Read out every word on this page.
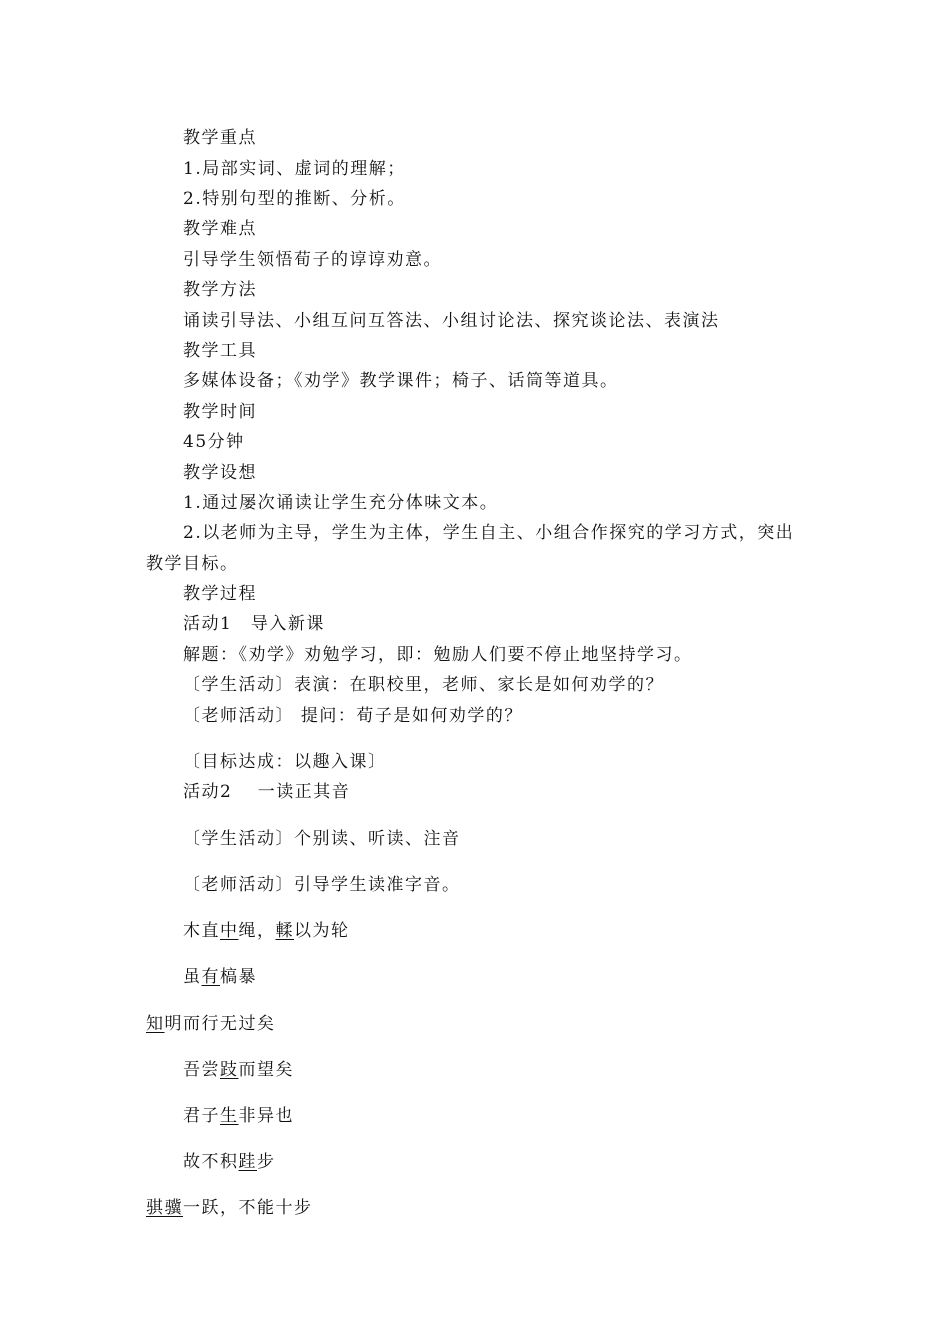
教学重点

1.局部实词、虚词的理解；

2.特别句型的推断、分析。

教学难点

引导学生领悟荀子的谆谆劝意。

教学方法

诵读引导法、小组互问互答法、小组讨论法、探究谈论法、表演法

教学工具

多媒体设备；《劝学》教学课件；椅子、话筒等道具。

教学时间

45分钟

教学设想

1.通过屡次诵读让学生充分体味文本。

2.以老师为主导，学生为主体，学生自主、小组合作探究的学习方式，突出教学目标。

教学过程

活动1　导入新课

解题：《劝学》劝勉学习，即：勉励人们要不停止地坚持学习。

〔学生活动〕表演：在职校里，老师、家长是如何劝学的？

〔老师活动〕 提问：荀子是如何劝学的？

〔目标达成：以趣入课〕

活动2　 一读正其音

〔学生活动〕个别读、听读、注音

〔老师活动〕引导学生读准字音。

木直中绳，輮以为轮

虽有槁暴

知明而行无过矣

吾尝跂而望矣

君子生非异也

故不积跬步

骐骥一跃，不能十步
